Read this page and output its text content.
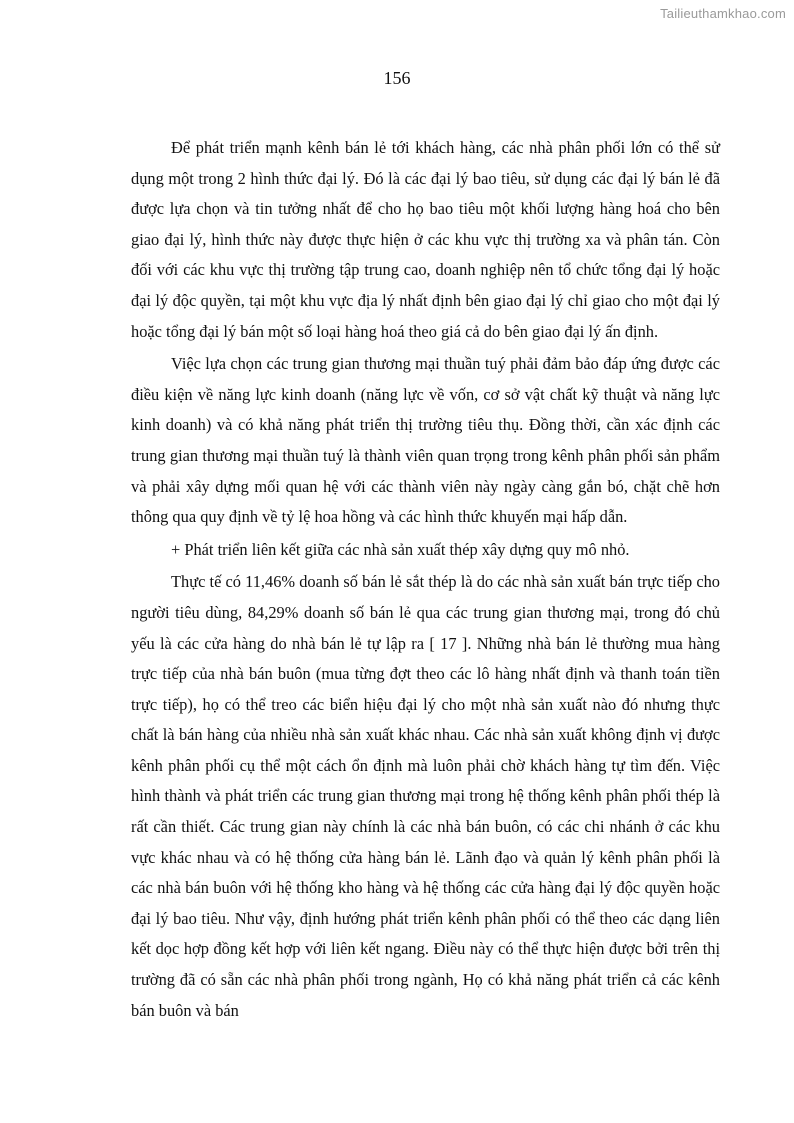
Tailieuthamkhao.com
156

Để phát triển mạnh kênh bán lẻ tới khách hàng, các nhà phân phối lớn có thể sử dụng một trong 2 hình thức đại lý. Đó là các đại lý bao tiêu, sử dụng các đại lý bán lẻ đã được lựa chọn và tin tưởng nhất để cho họ bao tiêu một khối lượng hàng hoá cho bên giao đại lý, hình thức này được thực hiện ở các khu vực thị trường xa và phân tán. Còn đối với các khu vực thị trường tập trung cao, doanh nghiệp nên tổ chức tổng đại lý hoặc đại lý độc quyền, tại một khu vực địa lý nhất định bên giao đại lý chỉ giao cho một đại lý hoặc tổng đại lý bán một số loại hàng hoá theo giá cả do bên giao đại lý ấn định.

Việc lựa chọn các trung gian thương mại thuần tuý phải đảm bảo đáp ứng được các điều kiện về năng lực kinh doanh (năng lực về vốn, cơ sở vật chất kỹ thuật và năng lực kinh doanh) và có khả năng phát triển thị trường tiêu thụ. Đồng thời, cần xác định các trung gian thương mại thuần tuý là thành viên quan trọng trong kênh phân phối sản phẩm và phải xây dựng mối quan hệ với các thành viên này ngày càng gắn bó, chặt chẽ hơn thông qua quy định về tỷ lệ hoa hồng và các hình thức khuyến mại hấp dẫn.

+ Phát triển liên kết giữa các nhà sản xuất thép xây dựng quy mô nhỏ.

Thực tế có 11,46% doanh số bán lẻ sắt thép là do các nhà sản xuất bán trực tiếp cho người tiêu dùng, 84,29% doanh số bán lẻ qua các trung gian thương mại, trong đó chủ yếu là các cửa hàng do nhà bán lẻ tự lập ra [ 17 ]. Những nhà bán lẻ thường mua hàng trực tiếp của nhà bán buôn (mua từng đợt theo các lô hàng nhất định và thanh toán tiền trực tiếp), họ có thể treo các biển hiệu đại lý cho một nhà sản xuất nào đó nhưng thực chất là bán hàng của nhiều nhà sản xuất khác nhau. Các nhà sản xuất không định vị được kênh phân phối cụ thể một cách ổn định mà luôn phải chờ khách hàng tự tìm đến. Việc hình thành và phát triển các trung gian thương mại trong hệ thống kênh phân phối thép là rất cần thiết. Các trung gian này chính là các nhà bán buôn, có các chi nhánh ở các khu vực khác nhau và có hệ thống cửa hàng bán lẻ. Lãnh đạo và quản lý kênh phân phối là các nhà bán buôn với hệ thống kho hàng và hệ thống các cửa hàng đại lý độc quyền hoặc đại lý bao tiêu. Như vậy, định hướng phát triển kênh phân phối có thể theo các dạng liên kết dọc hợp đồng kết hợp với liên kết ngang. Điều này có thể thực hiện được bởi trên thị trường đã có sẵn các nhà phân phối trong ngành, Họ có khả năng phát triển cả các kênh bán buôn và bán
